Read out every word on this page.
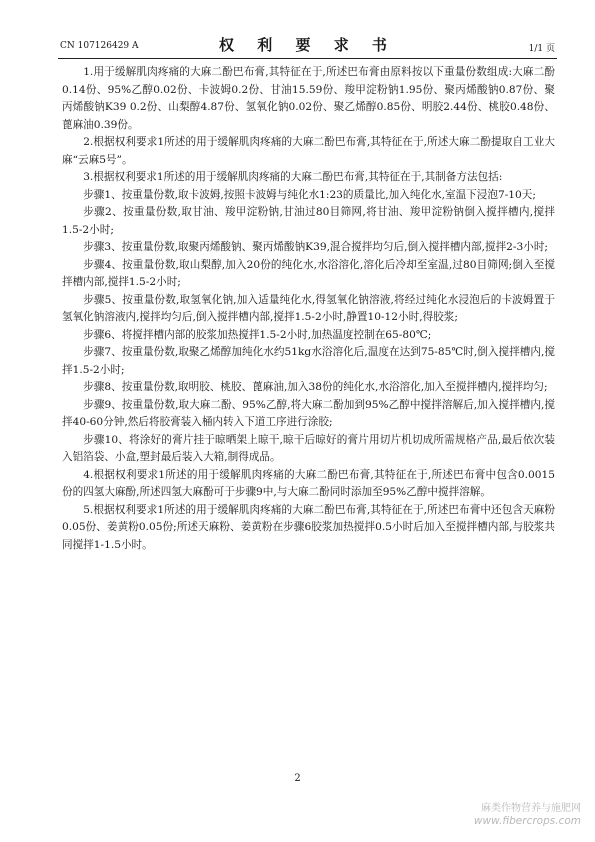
CN 107126429 A	权 利 要 求 书	1/1 页

1.用于缓解肌肉疼痛的大麻二酚巴布膏,其特征在于,所述巴布膏由原料按以下重量份数组成:大麻二酚0.14份、95%乙醇0.02份、卡波姆0.2份、甘油15.59份、羧甲淀粉钠1.95份、聚丙烯酸钠0.87份、聚丙烯酸钠K39 0.2份、山梨醇4.87份、氢氧化钠0.02份、聚乙烯醇0.85份、明胶2.44份、桃胶0.48份、蓖麻油0.39份。

2.根据权利要求1所述的用于缓解肌肉疼痛的大麻二酚巴布膏,其特征在于,所述大麻二酚提取自工业大麻“云麻5号”。

3.根据权利要求1所述的用于缓解肌肉疼痛的大麻二酚巴布膏,其特征在于,其制备方法包括:

步骤1、按重量份数,取卡波姆,按照卡波姆与纯化水1:23的质量比,加入纯化水,室温下浸泡7-10天;

步骤2、按重量份数,取甘油、羧甲淀粉钠,甘油过80目筛网,将甘油、羧甲淀粉钠倒入搅拌槽内,搅拌1.5-2小时;

步骤3、按重量份数,取聚丙烯酸钠、聚丙烯酸钠K39,混合搅拌均匀后,倒入搅拌槽内部,搅拌2-3小时;

步骤4、按重量份数,取山梨醇,加入20份的纯化水,水浴溶化,溶化后冷却至室温,过80目筛网;倒入至搅拌槽内部,搅拌1.5-2小时;

步骤5、按重量份数,取氢氧化钠,加入适量纯化水,得氢氧化钠溶液,将经过纯化水浸泡后的卡波姆置于氢氧化钠溶液内,搅拌均匀后,倒入搅拌槽内部,搅拌1.5-2小时,静置10-12小时,得胶浆;

步骤6、将搅拌槽内部的胶浆加热搅拌1.5-2小时,加热温度控制在65-80℃;

步骤7、按重量份数,取聚乙烯醇加纯化水约51kg水浴溶化后,温度在达到75-85℃时,倒入搅拌槽内,搅拌1.5-2小时;

步骤8、按重量份数,取明胶、桃胶、蓖麻油,加入38份的纯化水,水浴溶化,加入至搅拌槽内,搅拌均匀;

步骤9、按重量份数,取大麻二酚、95%乙醇,将大麻二酚加到95%乙醇中搅拌溶解后,加入搅拌槽内,搅拌40-60分钟,然后将胶膏装入桶内转入下道工序进行涂胶;

步骤10、将涂好的膏片挂于晾晒架上晾干,晾干后晾好的膏片用切片机切成所需规格产品,最后依次装入铝箔袋、小盒,塑封最后装入大箱,制得成品。

4.根据权利要求1所述的用于缓解肌肉疼痛的大麻二酚巴布膏,其特征在于,所述巴布膏中包含0.0015份的四氢大麻酚,所述四氢大麻酚可于步骤9中,与大麻二酚同时添加至95%乙醇中搅拌溶解。

5.根据权利要求1所述的用于缓解肌肉疼痛的大麻二酚巴布膏,其特征在于,所述巴布膏中还包含天麻粉0.05份、姜黄粉0.05份;所述天麻粉、姜黄粉在步骤6胶浆加热搅拌0.5小时后加入至搅拌槽内部,与胶浆共同搅拌1-1.5小时。

2
麻类作物营养与施肥网
www.fibercrops.com
